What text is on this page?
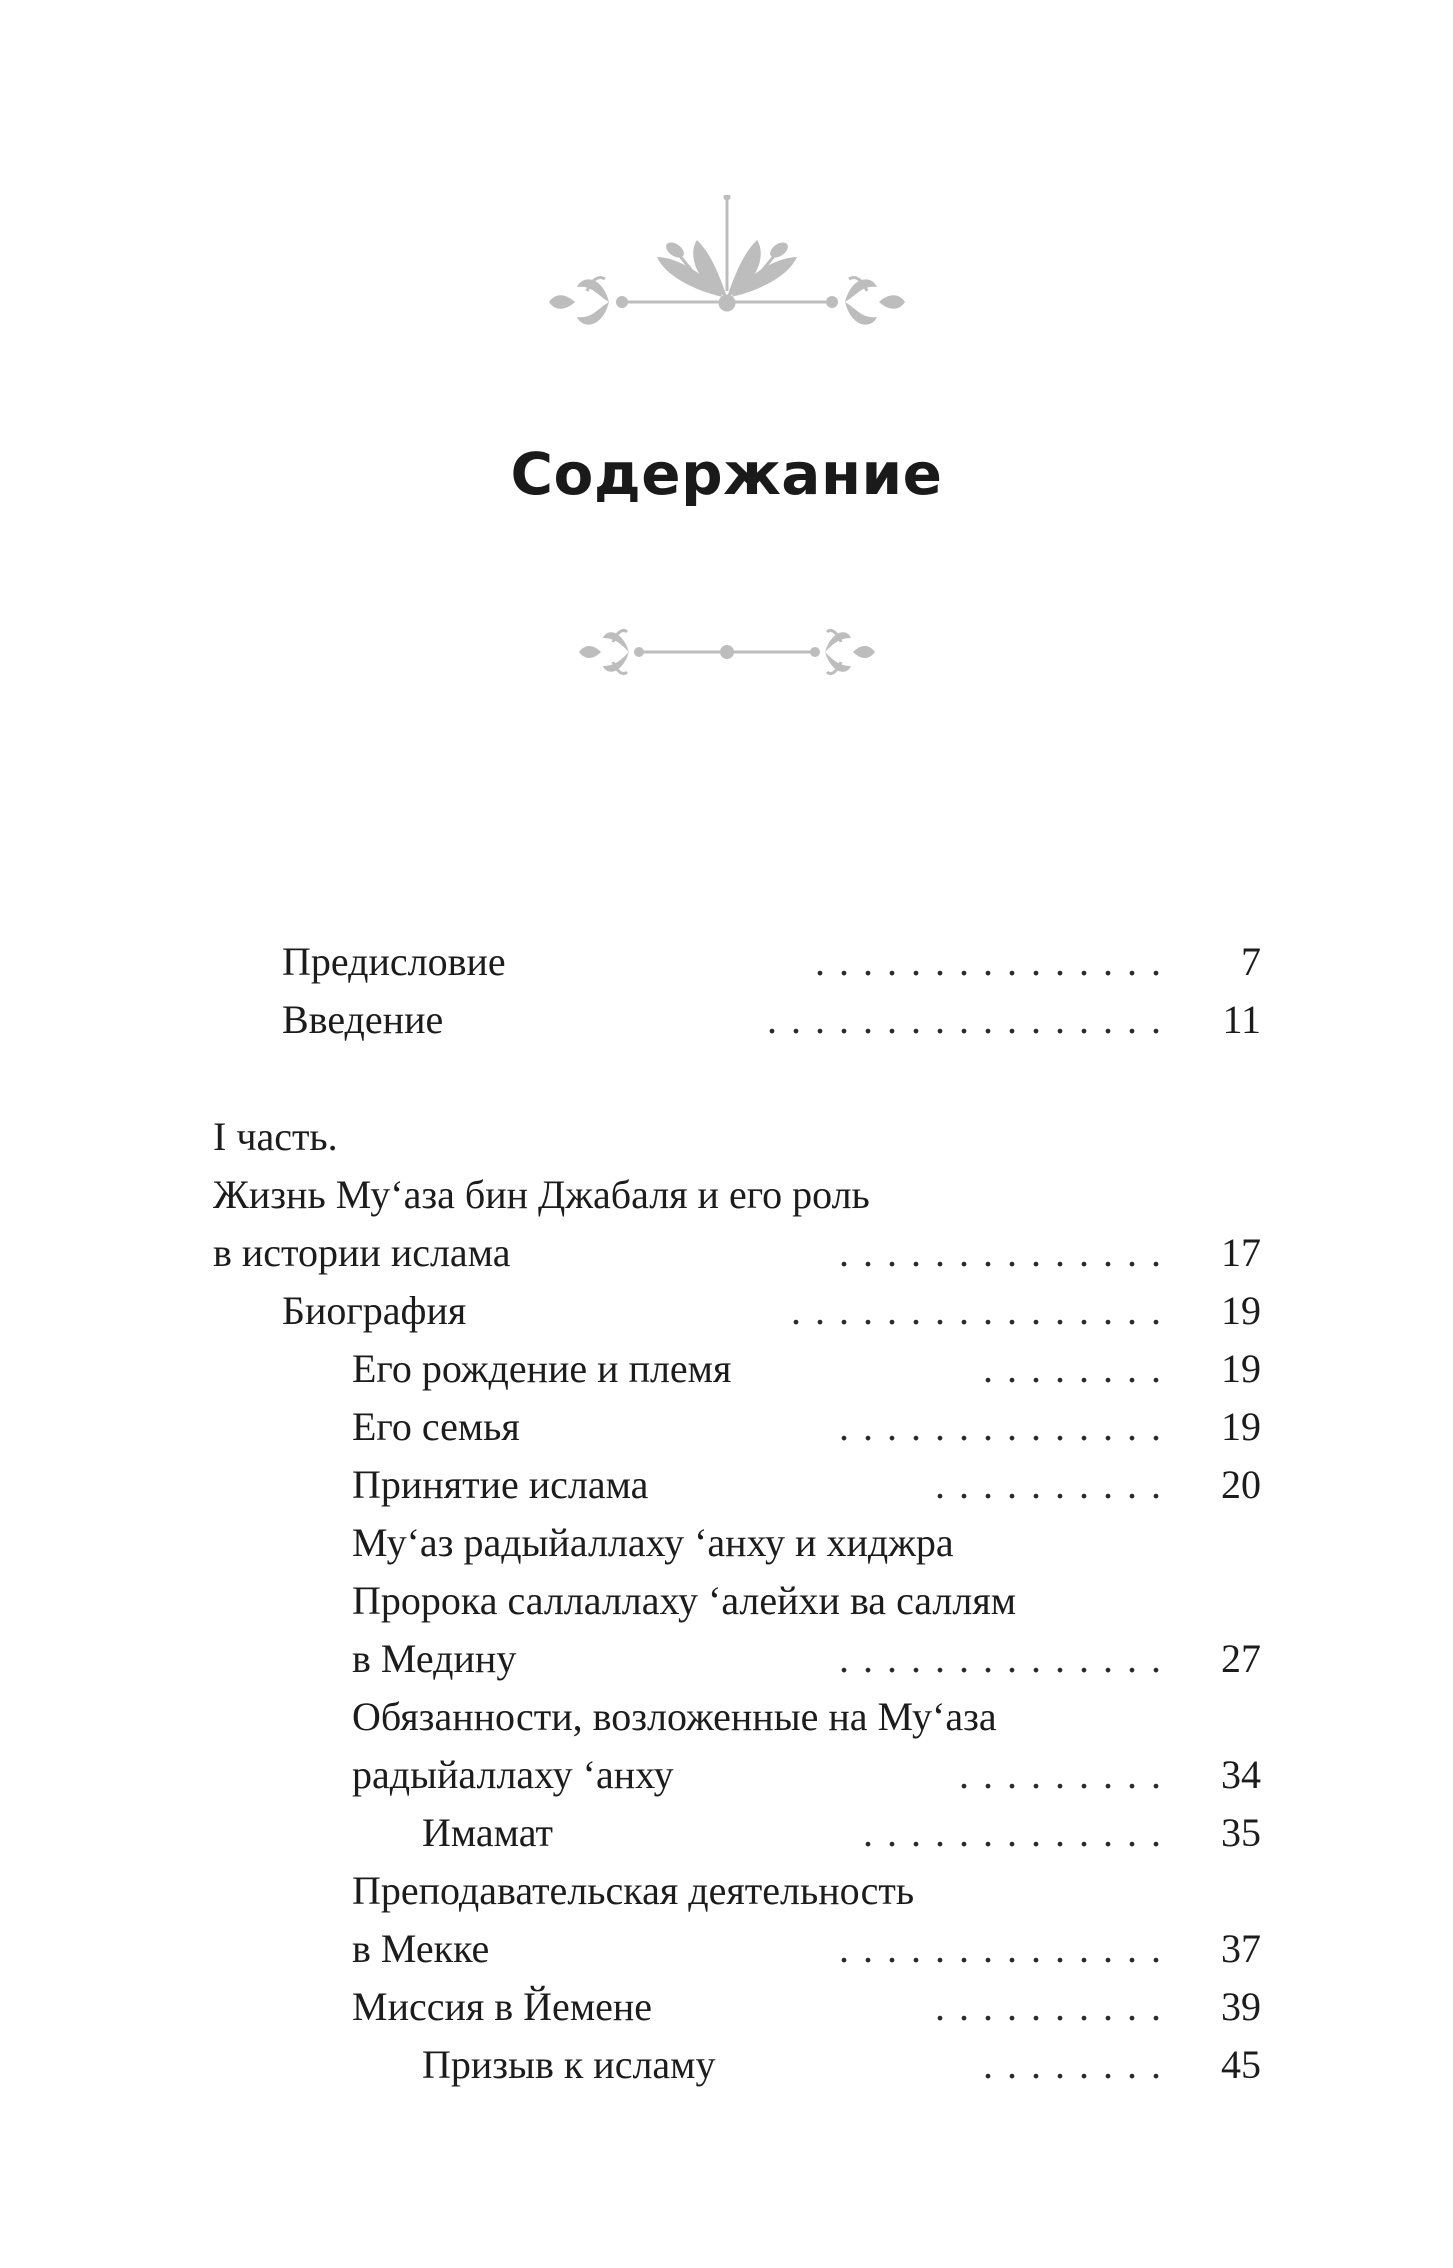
Содержание
Предисловие	............... 7
Введение	................. 11
I часть.
Жизнь Му‘аза бин Джабаля и его роль
в истории ислама	.............. 17
Биография	................ 19
Его рождение и племя	........ 19
Его семья	.............. 19
Принятие ислама	.......... 20
Му‘аз радыйаллаху ‘анху и хиджра
Пророка саллаллаху ‘алейхи ва саллям
в Медину	.............. 27
Обязанности, возложенные на Му‘аза
радыйаллаху ‘анху	......... 34
Имамат	............. 35
Преподавательская деятельность
в Мекке	.............. 37
Миссия в Йемене	.......... 39
Призыв к исламу	........ 45
